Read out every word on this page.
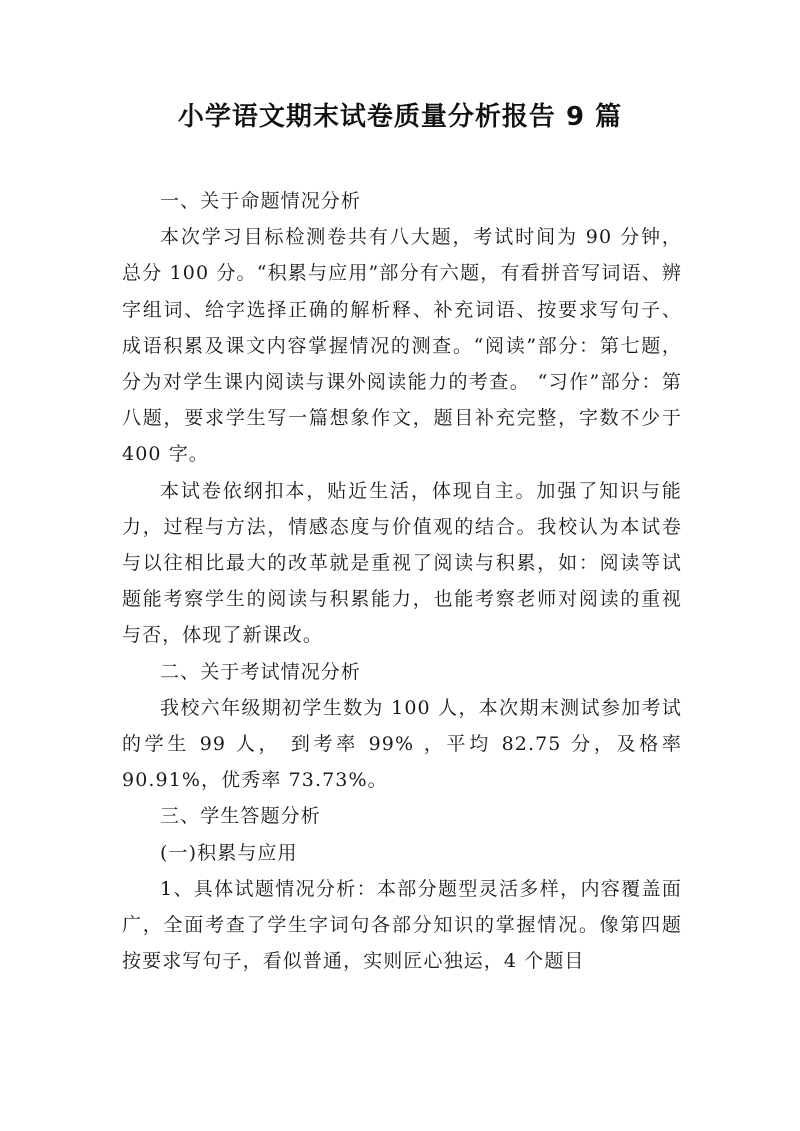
小学语文期末试卷质量分析报告 9 篇

一、关于命题情况分析

本次学习目标检测卷共有八大题，考试时间为 90 分钟，总分 100 分。“积累与应用”部分有六题，有看拼音写词语、辨字组词、给字选择正确的解析释、补充词语、按要求写句子、成语积累及课文内容掌握情况的测查。“阅读”部分：第七题，分为对学生课内阅读与课外阅读能力的考查。 “习作”部分：第八题，要求学生写一篇想象作文，题目补充完整，字数不少于 400 字。

本试卷依纲扣本，贴近生活，体现自主。加强了知识与能力，过程与方法，情感态度与价值观的结合。我校认为本试卷与以往相比最大的改革就是重视了阅读与积累，如：阅读等试题能考察学生的阅读与积累能力，也能考察老师对阅读的重视与否，体现了新课改。

二、关于考试情况分析

我校六年级期初学生数为 100 人，本次期末测试参加考试的学生 99 人， 到考率 99% ，平均 82.75 分，及格率 90.91%，优秀率 73.73%。

三、学生答题分析

(一)积累与应用

1、具体试题情况分析：本部分题型灵活多样，内容覆盖面广，全面考查了学生字词句各部分知识的掌握情况。像第四题按要求写句子，看似普通，实则匠心独运，4 个题目
